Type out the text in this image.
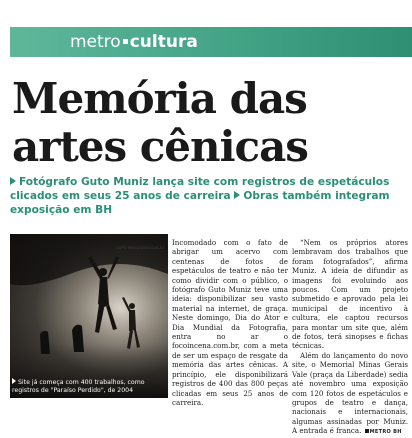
metro cultura
Memória das
artes cênicas
Fotógrafo Guto Muniz lança site com registros de espetáculos clicados em seus 25 anos de carreira Obras também integram exposição em BH
GUTO MUNIZ/DIVULGAÇÃO
Site já começa com 400 trabalhos, como registros de "Paraíso Perdido", de 2004

Incomodado com o fato de abrigar um acervo com centenas de fotos de espetáculos de teatro e não ter como dividir com o público, o fotógrafo Guto Muniz teve uma ideia: disponibilizar seu vasto material na internet, de graça. Neste domingo, Dia do Ator e Dia Mundial da Fotografia, entra no ar o focoincena.com.br, com a meta de ser um espaço de resgate da memória das artes cênicas. A princípio, ele disponibilizará registros de 400 das 800 peças clicadas em seus 25 anos de carreira.

“Nem os próprios atores lembravam dos trabalhos que foram fotografados”, afirma Muniz. A ideia de difundir as imagens foi evoluindo aos poucos. Com um projeto submetido e aprovado pela lei municipal de incentivo à cultura, ele captou recursos para montar um site que, além de fotos, terá sinopses e fichas técnicas.

Além do lançamento do novo site, o Memorial Minas Gerais Vale (praça da Liberdade) sedia até novembro uma exposição com 120 fotos de espetáculos e grupos de teatro e dança, nacionais e internacionais, algumas assinadas por Muniz. A entrada é franca. METRO BH
